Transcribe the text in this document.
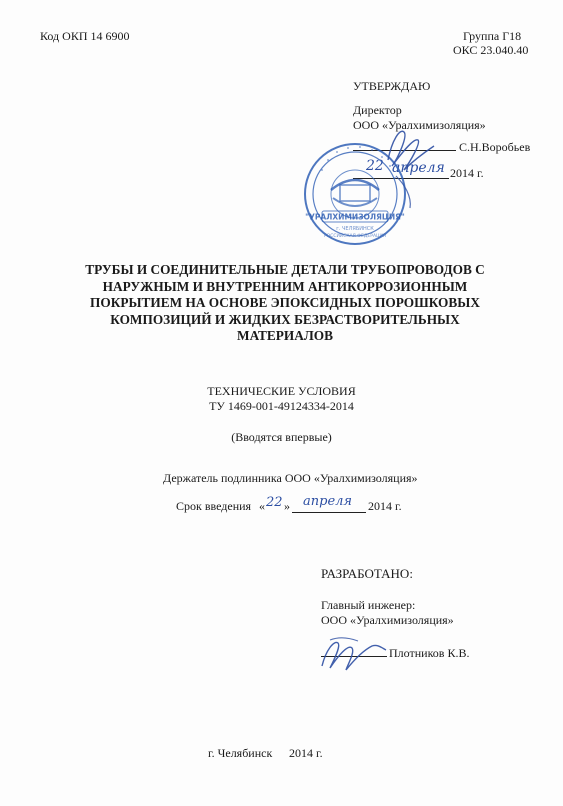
Код ОКП 14 6900	Группа Г18
ОКС 23.040.40
УТВЕРЖДАЮ
Директор
ООО «Уралхимизоляция»
С.Н.Воробьев
22 апреля 2014 г.
"УРАЛХИМИЗОЛЯЦИЯ"
г. ЧЕЛЯБИНСК
РОССИЙСКАЯ ФЕДЕРАЦИЯ
ТРУБЫ И СОЕДИНИТЕЛЬНЫЕ ДЕТАЛИ ТРУБОПРОВОДОВ С
НАРУЖНЫМ И ВНУТРЕННИМ АНТИКОРРОЗИОННЫМ
ПОКРЫТИЕМ НА ОСНОВЕ ЭПОКСИДНЫХ ПОРОШКОВЫХ
КОМПОЗИЦИЙ И ЖИДКИХ БЕЗРАСТВОРИТЕЛЬНЫХ
МАТЕРИАЛОВ
ТЕХНИЧЕСКИЕ УСЛОВИЯ
ТУ 1469-001-49124334-2014
(Вводятся впервые)
Держатель подлинника ООО «Уралхимизоляция»
Срок введения « 22 » апреля 2014 г.
РАЗРАБОТАНО:
Главный инженер:
ООО «Уралхимизоляция»
Плотников К.В.
г. Челябинск 2014 г.
